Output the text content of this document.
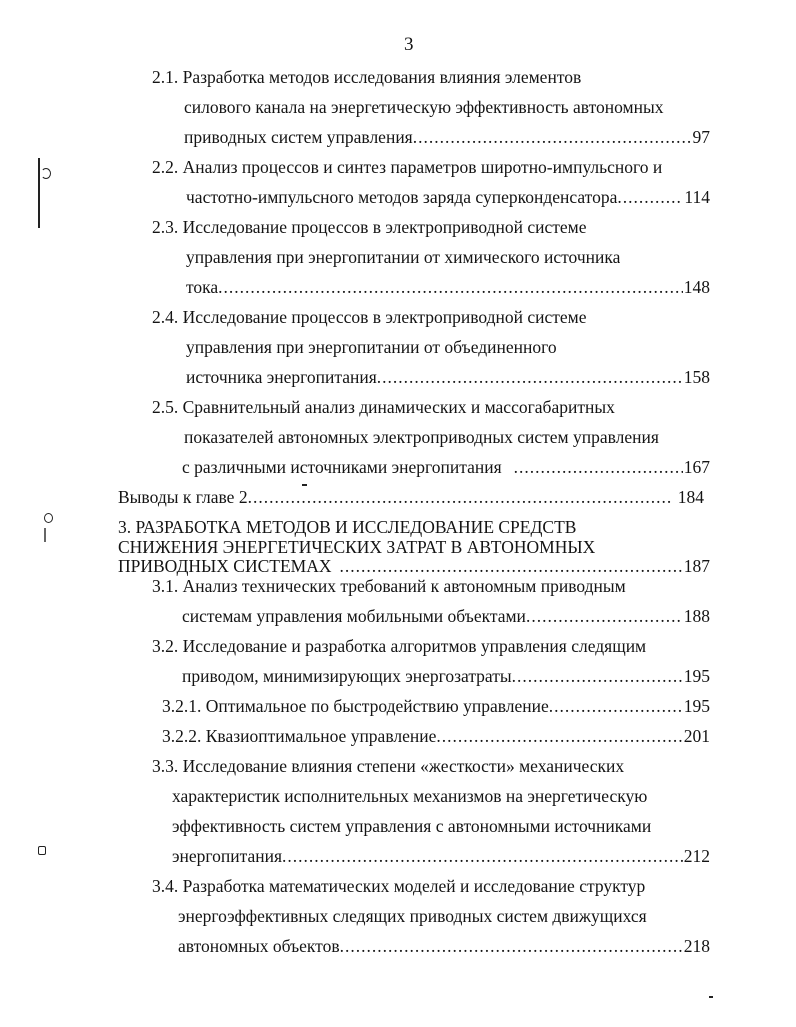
3
2.1. Разработка методов исследования влияния элементов
силового канала на энергетическую эффективность автономных
приводных систем управления .....	97
2.2. Анализ процессов и синтез параметров широтно-импульсного и
частотно-импульсного методов заряда суперконденсатора .....	114
2.3. Исследование процессов в электроприводной системе
управления при энергопитании от химического источника
тока .....	148
2.4. Исследование процессов в электроприводной системе
управления при энергопитании от объединенного
источника энергопитания .....	158
2.5. Сравнительный анализ динамических и массогабаритных
показателей автономных электроприводных систем управления
с различными источниками энергопитания .....	167
Выводы к главе 2 .....	184
3. РАЗРАБОТКА МЕТОДОВ И ИССЛЕДОВАНИЕ СРЕДСТВ
СНИЖЕНИЯ ЭНЕРГЕТИЧЕСКИХ ЗАТРАТ В АВТОНОМНЫХ
ПРИВОДНЫХ СИСТЕМАХ .....	187
3.1. Анализ технических требований к автономным приводным
системам управления мобильными объектами .....	188
3.2. Исследование и разработка алгоритмов управления следящим
приводом, минимизирующих энергозатраты .....	195
3.2.1. Оптимальное по быстродействию управление .....	195
3.2.2. Квазиоптимальное управление .....	201
3.3. Исследование влияния степени «жесткости» механических
характеристик исполнительных механизмов на энергетическую
эффективность систем управления с автономными источниками
энергопитания .....	212
3.4. Разработка математических моделей и исследование структур
энергоэффективных следящих приводных систем движущихся
автономных объектов .....	218
